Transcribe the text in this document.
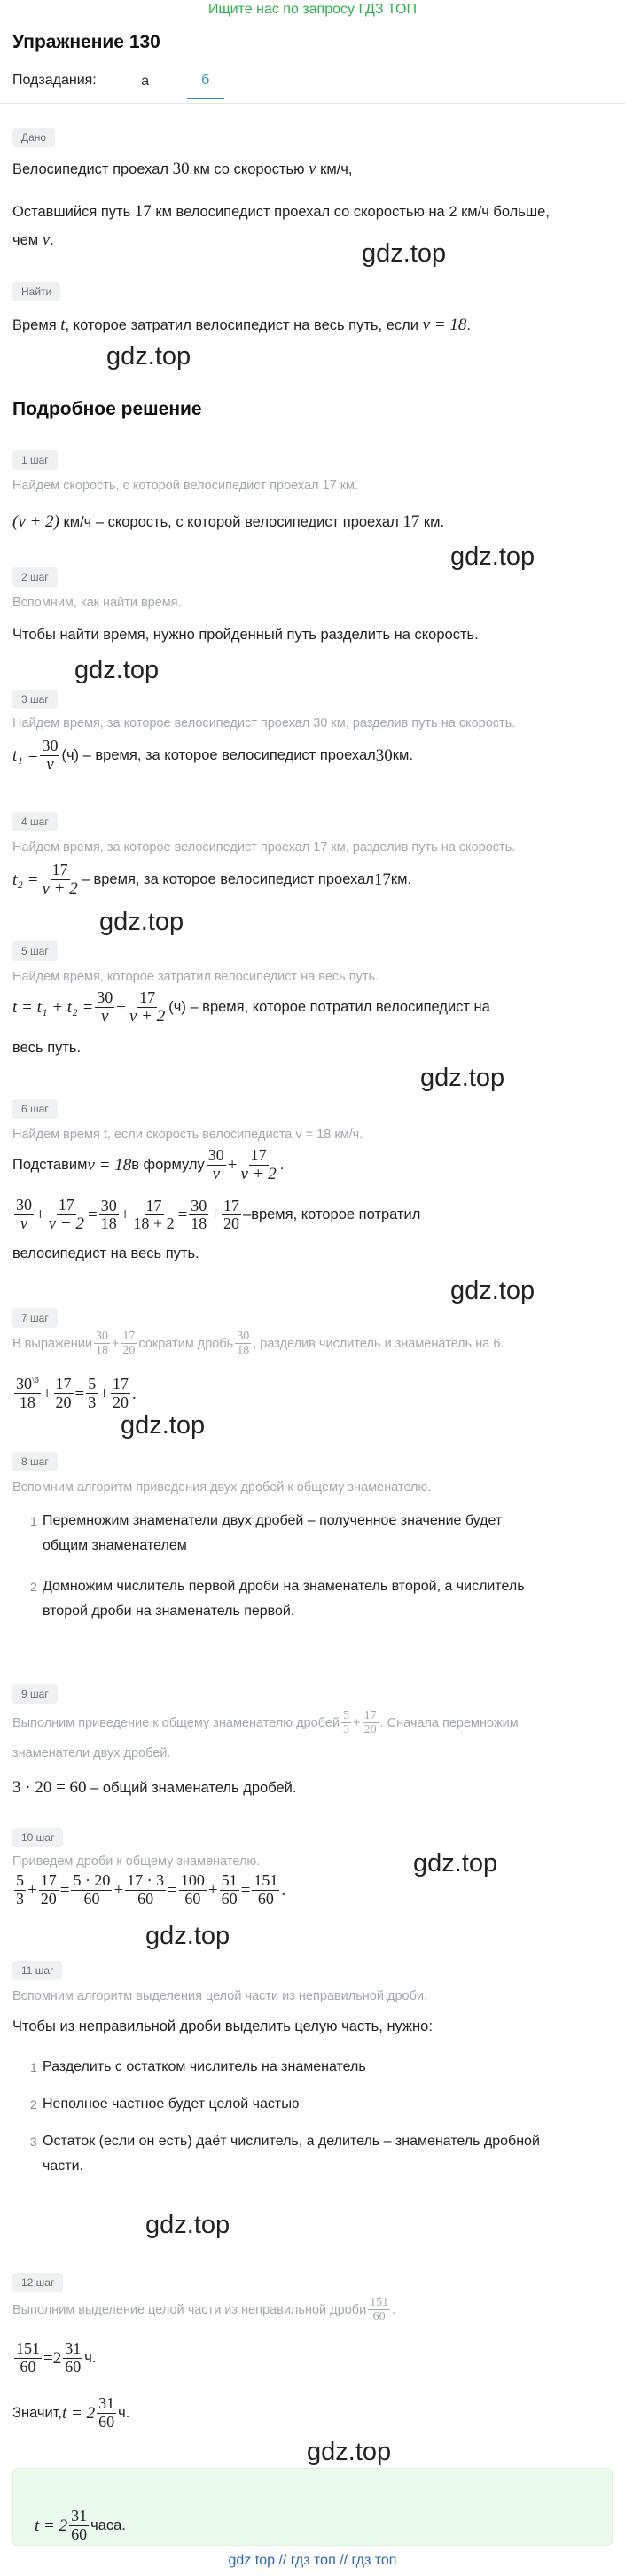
Ищите нас по запросу ГДЗ ТОП
Упражнение 130
Подзадания:	а	б
Дано
Велосипедист проехал 30 км со скоростью v км/ч,
Оставшийся путь 17 км велосипедист проехал со скоростью на 2 км/ч больше,
чем v.	gdz.top
Найти
Время t, которое затратил велосипедист на весь путь, если v = 18.
gdz.top
Подробное решение
1 шаг
Найдем скорость, с которой велосипедист проехал 17 км.
(v + 2) км/ч – скорость, с которой велосипедист проехал 17 км.
gdz.top
2 шаг
Вспомним, как найти время.
Чтобы найти время, нужно пройденный путь разделить на скорость.
gdz.top
3 шаг
Найдем время, за которое велосипедист проехал 30 км, разделив путь на скорость.
$t_1 = \frac{30}{v} (ч)$ – время, за которое велосипедист проехал 30 км.
4 шаг
Найдем время, за которое велосипедист проехал 17 км, разделив путь на скорость.
$t_2 = \frac{17}{v + 2}$ – время, за которое велосипедист проехал 17 км.
gdz.top
5 шаг
Найдем время, которое затратил велосипедист на весь путь.
$t = t_1 + t_2 = \frac{30}{v} + \frac{17}{v + 2} (ч)$ – время, которое потратил велосипедист на
весь путь.
gdz.top
6 шаг
Найдем время t, если скорость велосипедиста v = 18 км/ч.
Подставим v = 18 в формулу $\frac{30}{v} + \frac{17}{v + 2}$ .
$\frac{30}{v} + \frac{17}{v + 2} = \frac{30}{18} + \frac{17}{18 + 2} = \frac{30}{18} + \frac{17}{20}$ –время, которое потратил
велосипедист на весь путь.
gdz.top
7 шаг
В выражении $\frac{30}{18} + \frac{17}{20}$ сократим дробь $\frac{30}{18}$ , разделив числитель и знаменатель на 6.
$\frac{30^{\backslash 6}}{18} + \frac{17}{20} = \frac{5}{3} + \frac{17}{20}$ .
gdz.top
8 шаг
Вспомним алгоритм приведения двух дробей к общему знаменателю.
1 Перемножим знаменатели двух дробей – полученное значение будет
общим знаменателем
2 Домножим числитель первой дроби на знаменатель второй, а числитель
второй дроби на знаменатель первой.
9 шаг
Выполним приведение к общему знаменателю дробей $\frac{5}{3} + \frac{17}{20}$ . Сначала перемножим
знаменатели двух дробей.
3 · 20 = 60 – общий знаменатель дробей.
10 шаг
Приведем дроби к общему знаменателю.	gdz.top
$\frac{5}{3} + \frac{17}{20} = \frac{5 \cdot 20}{60} + \frac{17 \cdot 3}{60} = \frac{100}{60} + \frac{51}{60} = \frac{151}{60}$ .
gdz.top
11 шаг
Вспомним алгоритм выделения целой части из неправильной дроби.
Чтобы из неправильной дроби выделить целую часть, нужно:
1 Разделить с остатком числитель на знаменатель
2 Неполное частное будет целой частью
3 Остаток (если он есть) даёт числитель, а делитель – знаменатель дробной
части.
gdz.top
12 шаг
Выполним выделение целой части из неправильной дроби $\frac{151}{60}$ .
$\frac{151}{60} = 2 \frac{31}{60} ч$.
Значит, $t = 2 \frac{31}{60} ч$.
gdz.top
$t = 2 \frac{31}{60}$ часа.
gdz top // гдз топ // гдз топ
